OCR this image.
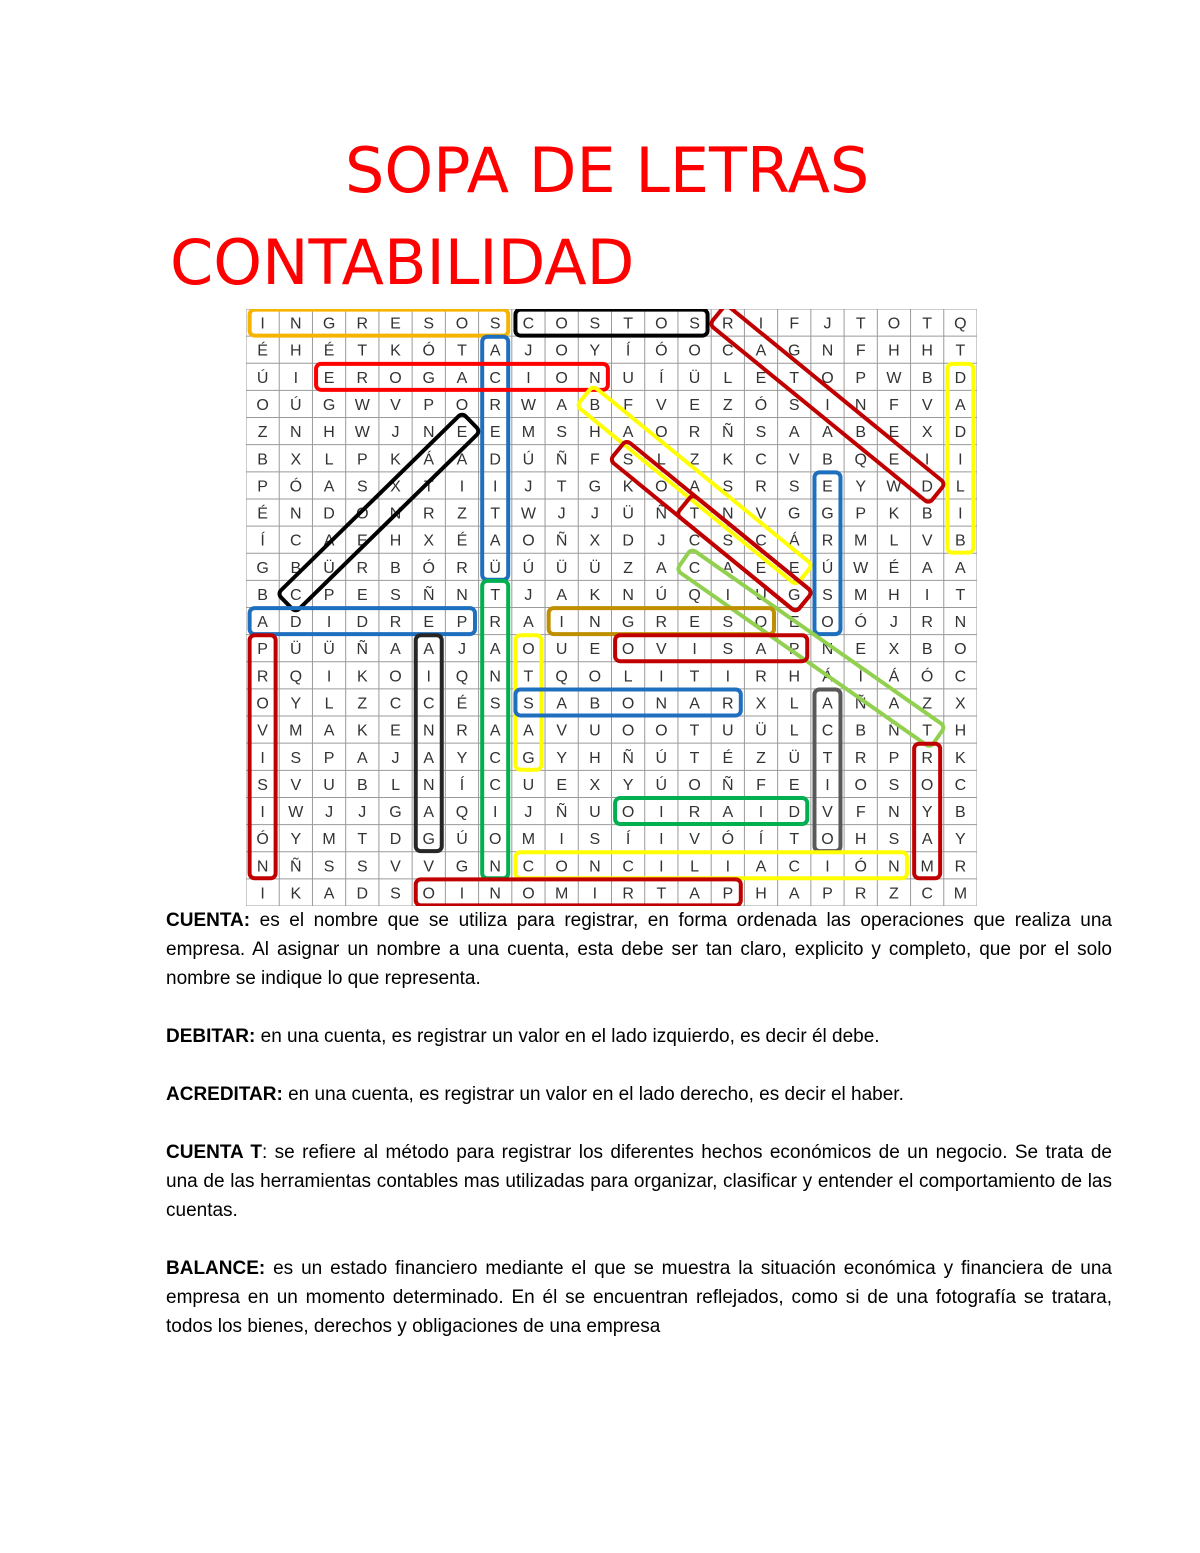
SOPA DE LETRAS
CONTABILIDAD
I N G R E S O S C O S T O S R I F J T O T Q
É H É T K Ó T A J O Y Í Ó O C A G N F H H T
Ú I E R O G A C I O N U Í Ü L E T O P W B D
O Ú G W V P O R W A B F V E Z Ó S I N F V A
Z N H W J N E E M S H A O R Ñ S A A B E X D
B X L P K Á A D Ú Ñ F S L Z K C V B Q E I I
P Ó A S X T I I J T G K O A S R S E Y W D L
É N D O N R Z T W J J Ü Ñ T N V G G P K B I
Í C A E H X É A O Ñ X D J C S C Á R M L V B
G B Ü R B Ó R Ü Ú Ü Ü Z A C A E E Ú W É A A
B C P E S Ñ N T J A K N Ú Q I U G S M H I T
A D I D R E P R A I N G R E S O E O Ó J R N
P Ü Ü Ñ A A J A O U E O V I S A P N E X B O
R Q I K O I Q N T Q O L I T I R H Á Í Á Ó C
O Y L Z C C É S S A B O N A R X L A Ñ A Z X
V M A K E N R A A V U O O T U Ü L C B Ñ T H
I S P A J A Y C G Y H Ñ Ú T É Z Ü T R P R K
S V U B L N Í C U E X Y Ú O Ñ F E I O S O C
I W J J G A Q I J Ñ U O I R A I D V F N Y B
Ó Y M T D G Ú O M I S Í I V Ó Í T O H S A Y
N Ñ S S V V G N C O N C I L I A C I Ó N M R
I K A D S O I N O M I R T A P H A P R Z C M

CUENTA: es el nombre que se utiliza para registrar, en forma ordenada las operaciones que realiza una empresa. Al asignar un nombre a una cuenta, esta debe ser tan claro, explicito y completo, que por el solo nombre se indique lo que representa.

DEBITAR: en una cuenta, es registrar un valor en el lado izquierdo, es decir él debe.

ACREDITAR: en una cuenta, es registrar un valor en el lado derecho, es decir el haber.

CUENTA T: se refiere al método para registrar los diferentes hechos económicos de un negocio. Se trata de una de las herramientas contables mas utilizadas para organizar, clasificar y entender el comportamiento de las cuentas.

BALANCE: es un estado financiero mediante el que se muestra la situación económica y financiera de una empresa en un momento determinado. En él se encuentran reflejados, como si de una fotografía se tratara, todos los bienes, derechos y obligaciones de una empresa
